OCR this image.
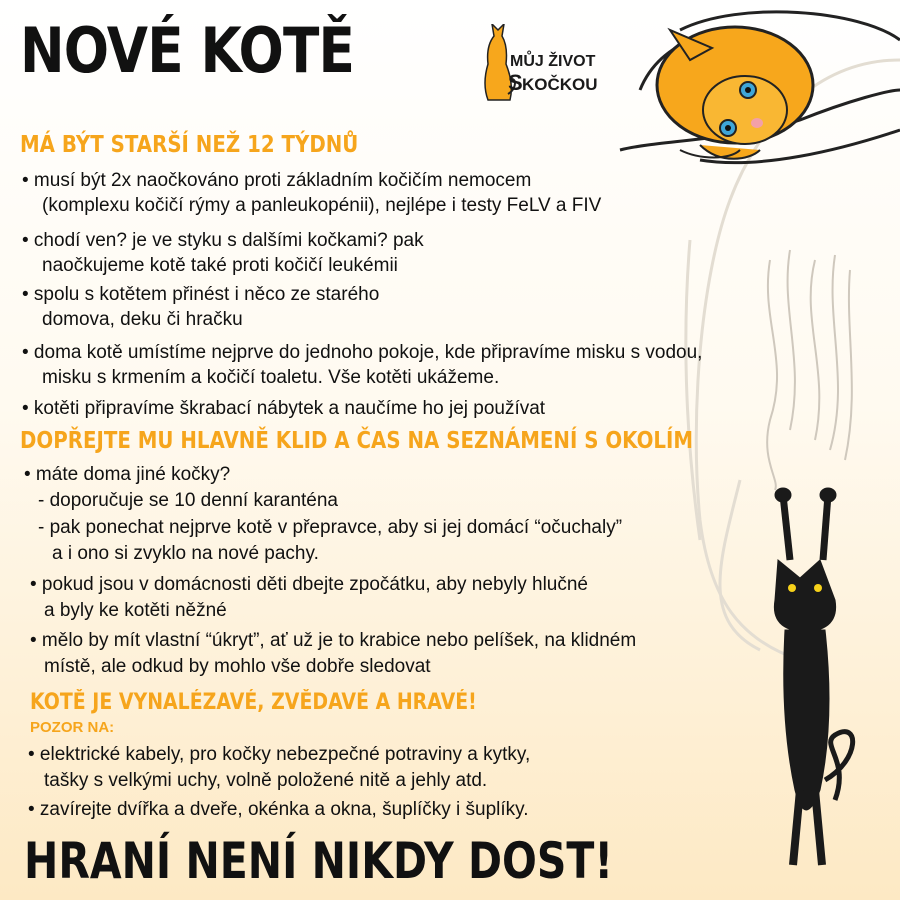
NOVÉ KOTĚ	MŮJ ŽIVOT
S KOČKOU
MÁ BÝT STARŠÍ NEŽ 12 TÝDNŮ

• musí být 2x naočkováno proti základním kočičím nemocem

(komplexu kočičí rýmy a panleukopénii), nejlépe i testy FeLV a FIV

• chodí ven? je ve styku s dalšími kočkami? pak

naočkujeme kotě také proti kočičí leukémii

• spolu s kotětem přinést i něco ze starého

domova, deku či hračku

• doma kotě umístíme nejprve do jednoho pokoje, kde připravíme misku s vodou,

misku s krmením a kočičí toaletu. Vše kotěti ukážeme.

• kotěti připravíme škrabací nábytek a naučíme ho jej používat

DOPŘEJTE MU HLAVNĚ KLID A ČAS NA SEZNÁMENÍ S OKOLÍM

• máte doma jiné kočky?

- doporučuje se 10 denní karanténa

- pak ponechat nejprve kotě v přepravce, aby si jej domácí “očuchaly”

a i ono si zvyklo na nové pachy.

• pokud jsou v domácnosti děti dbejte zpočátku, aby nebyly hlučné

a byly ke kotěti něžné

• mělo by mít vlastní “úkryt”, ať už je to krabice nebo pelíšek, na klidném

místě, ale odkud by mohlo vše dobře sledovat

KOTĚ JE VYNALÉZAVÉ, ZVĚDAVÉ A HRAVÉ!

POZOR NA:

• elektrické kabely, pro kočky nebezpečné potraviny a kytky,

tašky s velkými uchy, volně položené nitě a jehly atd.

• zavírejte dvířka a dveře, okénka a okna, šuplíčky i šuplíky.

HRANÍ NENÍ NIKDY DOST!
